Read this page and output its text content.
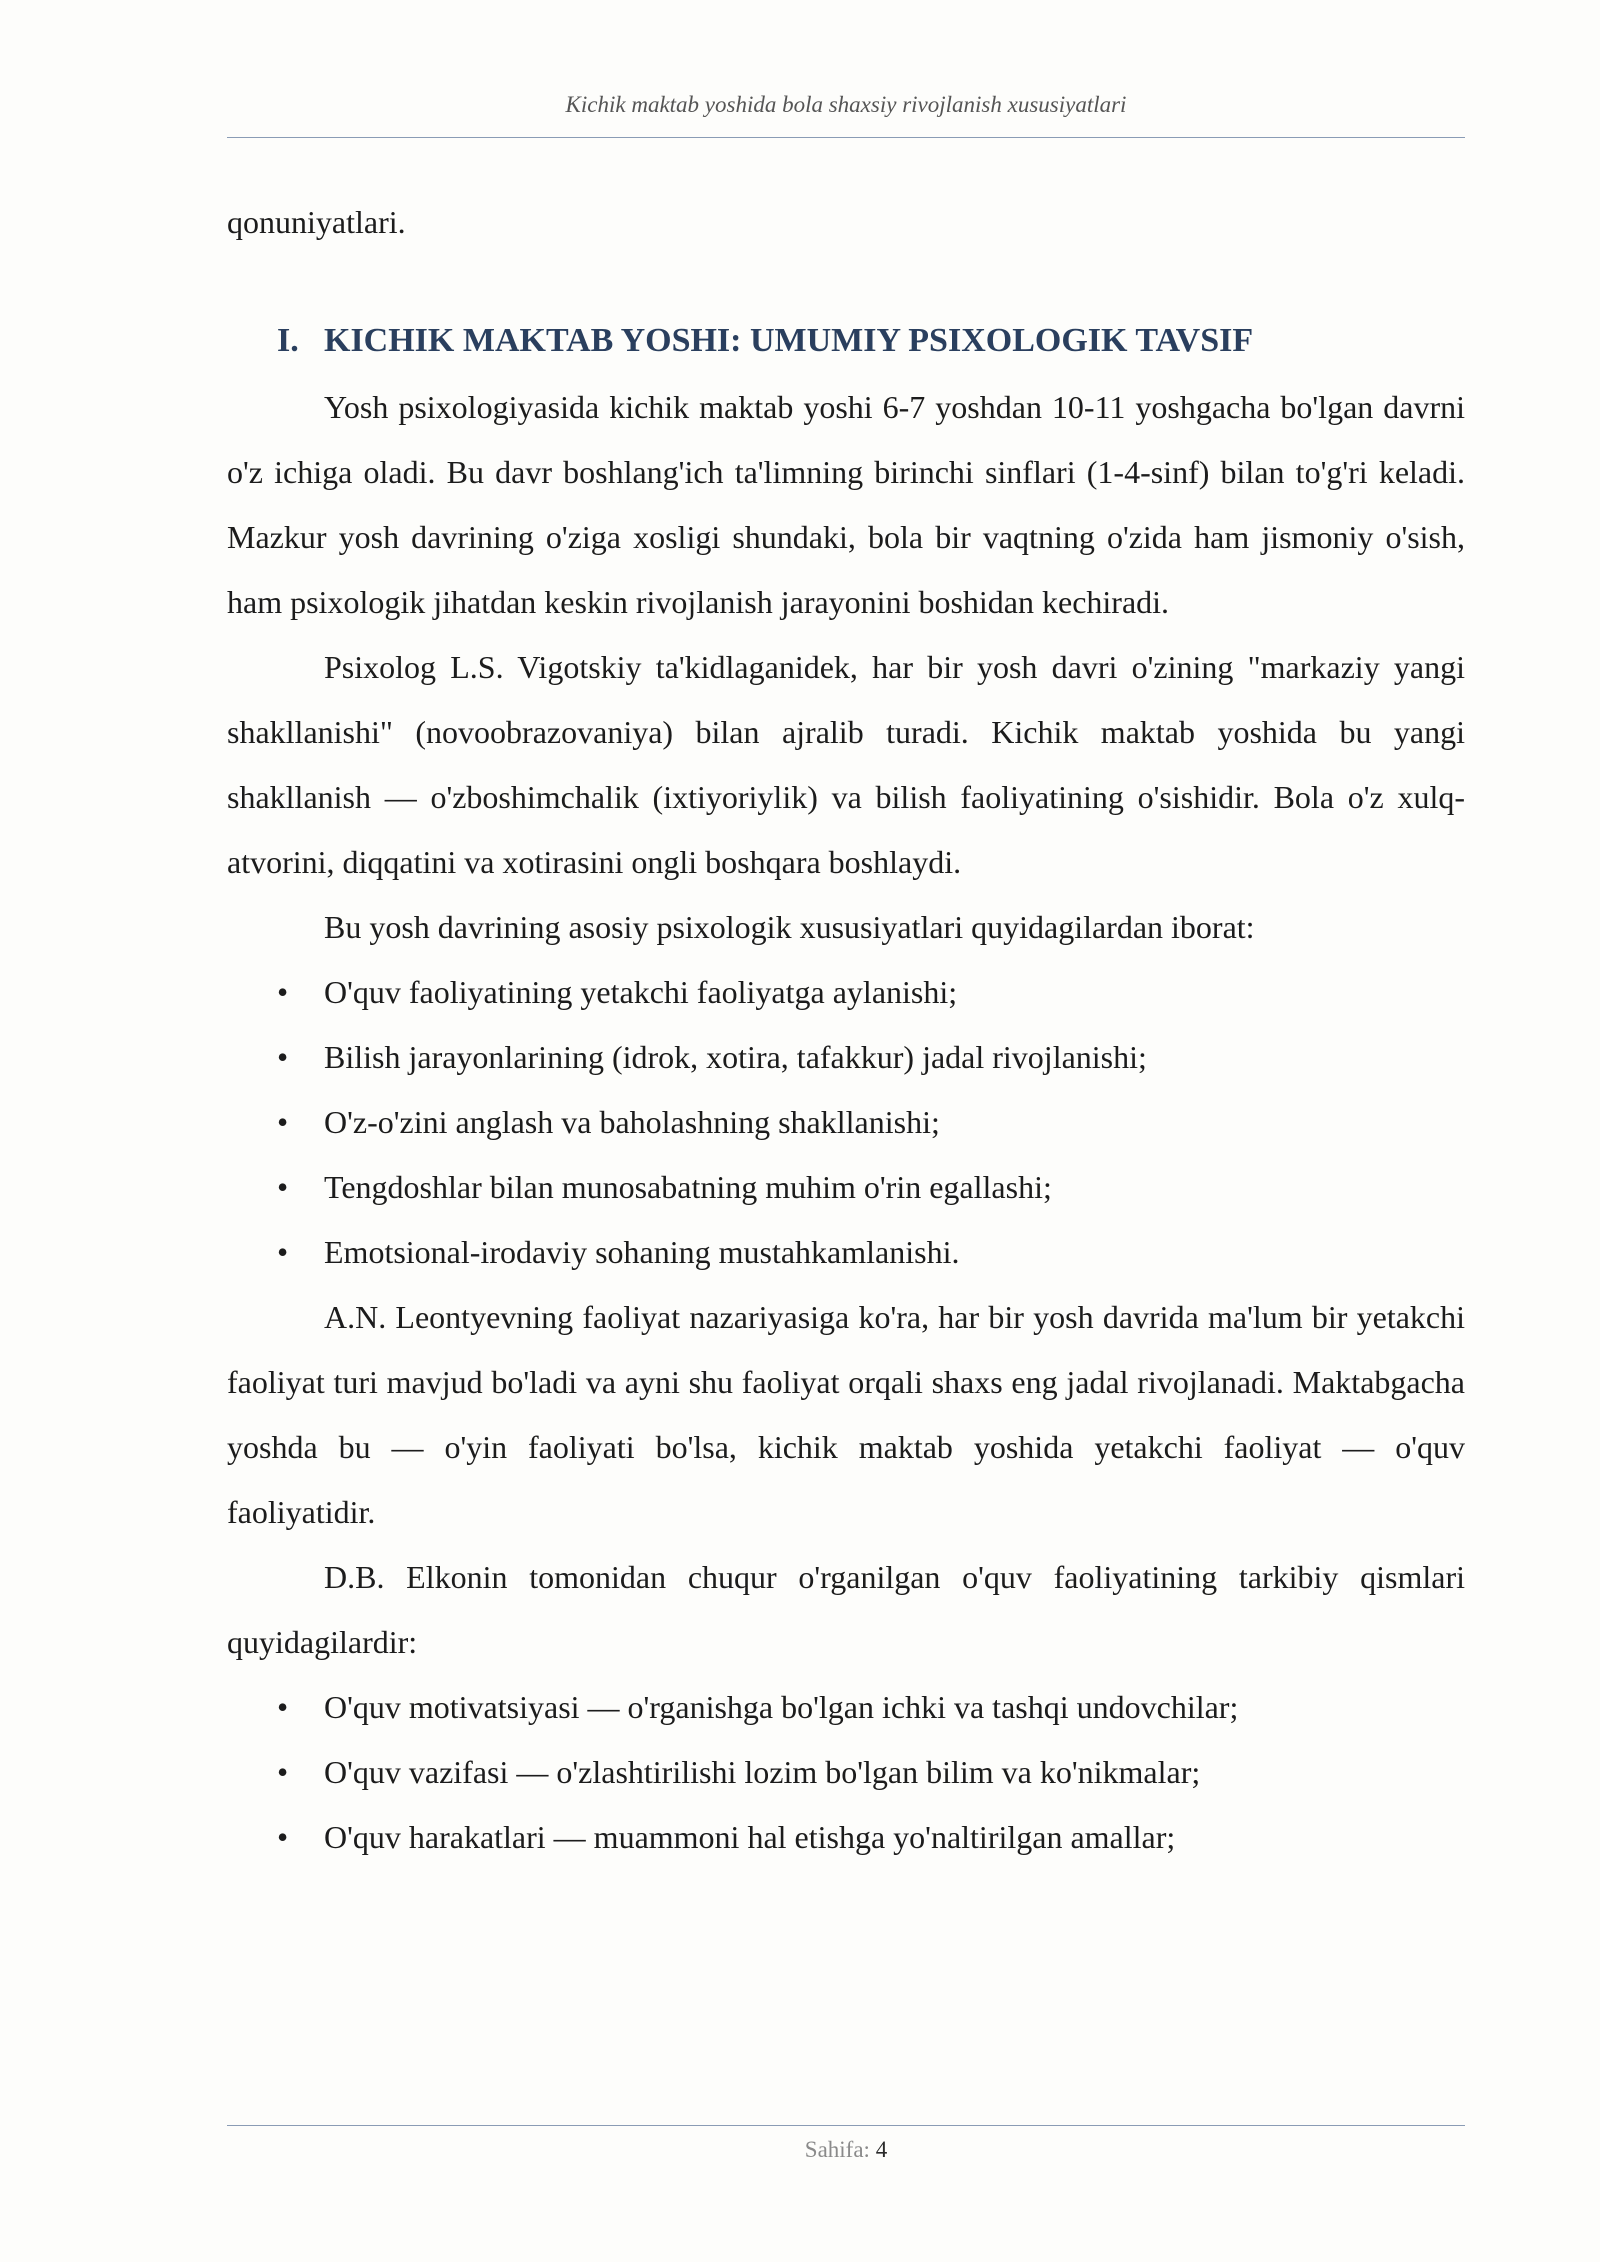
Kichik maktab yoshida bola shaxsiy rivojlanish xususiyatlari

qonuniyatlari.

I. KICHIK MAKTAB YOSHI: UMUMIY PSIXOLOGIK TAVSIF

Yosh psixologiyasida kichik maktab yoshi 6-7 yoshdan 10-11 yoshgacha bo'lgan davrni o'z ichiga oladi. Bu davr boshlang'ich ta'limning birinchi sinflari (1-4-sinf) bilan to'g'ri keladi. Mazkur yosh davrining o'ziga xosligi shundaki, bola bir vaqtning o'zida ham jismoniy o'sish, ham psixologik jihatdan keskin rivojlanish jarayonini boshidan kechiradi.

Psixolog L.S. Vigotskiy ta'kidlaganidek, har bir yosh davri o'zining "markaziy yangi shakllanishi" (novoobrazovaniya) bilan ajralib turadi. Kichik maktab yoshida bu yangi shakllanish — o'zboshimchalik (ixtiyoriylik) va bilish faoliyatining o'sishidir. Bola o'z xulq-atvorini, diqqatini va xotirasini ongli boshqara boshlaydi.

Bu yosh davrining asosiy psixologik xususiyatlari quyidagilardan iborat:

•	O'quv faoliyatining yetakchi faoliyatga aylanishi;
•	Bilish jarayonlarining (idrok, xotira, tafakkur) jadal rivojlanishi;
•	O'z-o'zini anglash va baholashning shakllanishi;
•	Tengdoshlar bilan munosabatning muhim o'rin egallashi;
•	Emotsional-irodaviy sohaning mustahkamlanishi.

A.N. Leontyevning faoliyat nazariyasiga ko'ra, har bir yosh davrida ma'lum bir yetakchi faoliyat turi mavjud bo'ladi va ayni shu faoliyat orqali shaxs eng jadal rivojlanadi. Maktabgacha yoshda bu — o'yin faoliyati bo'lsa, kichik maktab yoshida yetakchi faoliyat — o'quv faoliyatidir.

D.B. Elkonin tomonidan chuqur o'rganilgan o'quv faoliyatining tarkibiy qismlari quyidagilardir:

•	O'quv motivatsiyasi — o'rganishga bo'lgan ichki va tashqi undovchilar;
•	O'quv vazifasi — o'zlashtirilishi lozim bo'lgan bilim va ko'nikmalar;
•	O'quv harakatlari — muammoni hal etishga yo'naltirilgan amallar;
Sahifa: 4
